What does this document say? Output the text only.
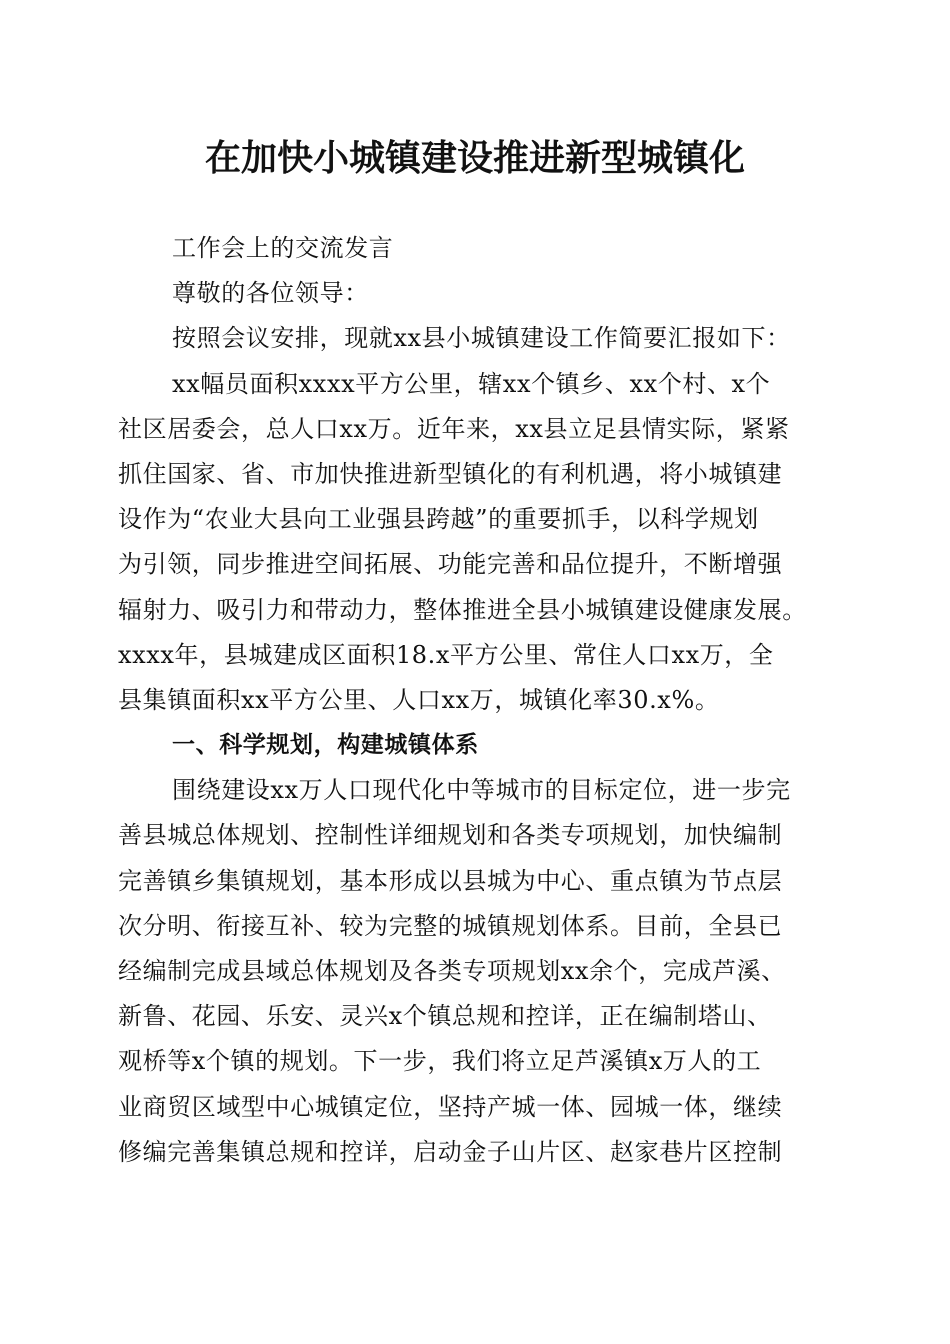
在加快小城镇建设推进新型城镇化
工作会上的交流发言
尊敬的各位领导：
按照会议安排，现就xx县小城镇建设工作简要汇报如下：
xx幅员面积xxxx平方公里，辖xx个镇乡、xx个村、x个
社区居委会，总人口xx万。近年来，xx县立足县情实际，紧紧
抓住国家、省、市加快推进新型镇化的有利机遇，将小城镇建
设作为“农业大县向工业强县跨越”的重要抓手，以科学规划
为引领，同步推进空间拓展、功能完善和品位提升，不断增强
辐射力、吸引力和带动力，整体推进全县小城镇建设健康发展。
xxxx年，县城建成区面积18.x平方公里、常住人口xx万，全
县集镇面积xx平方公里、人口xx万，城镇化率30.x%。
一、科学规划，构建城镇体系
围绕建设xx万人口现代化中等城市的目标定位，进一步完
善县城总体规划、控制性详细规划和各类专项规划，加快编制
完善镇乡集镇规划，基本形成以县城为中心、重点镇为节点层
次分明、衔接互补、较为完整的城镇规划体系。目前，全县已
经编制完成县域总体规划及各类专项规划xx余个，完成芦溪、
新鲁、花园、乐安、灵兴x个镇总规和控详，正在编制塔山、
观桥等x个镇的规划。下一步，我们将立足芦溪镇x万人的工
业商贸区域型中心城镇定位，坚持产城一体、园城一体，继续
修编完善集镇总规和控详，启动金子山片区、赵家巷片区控制
